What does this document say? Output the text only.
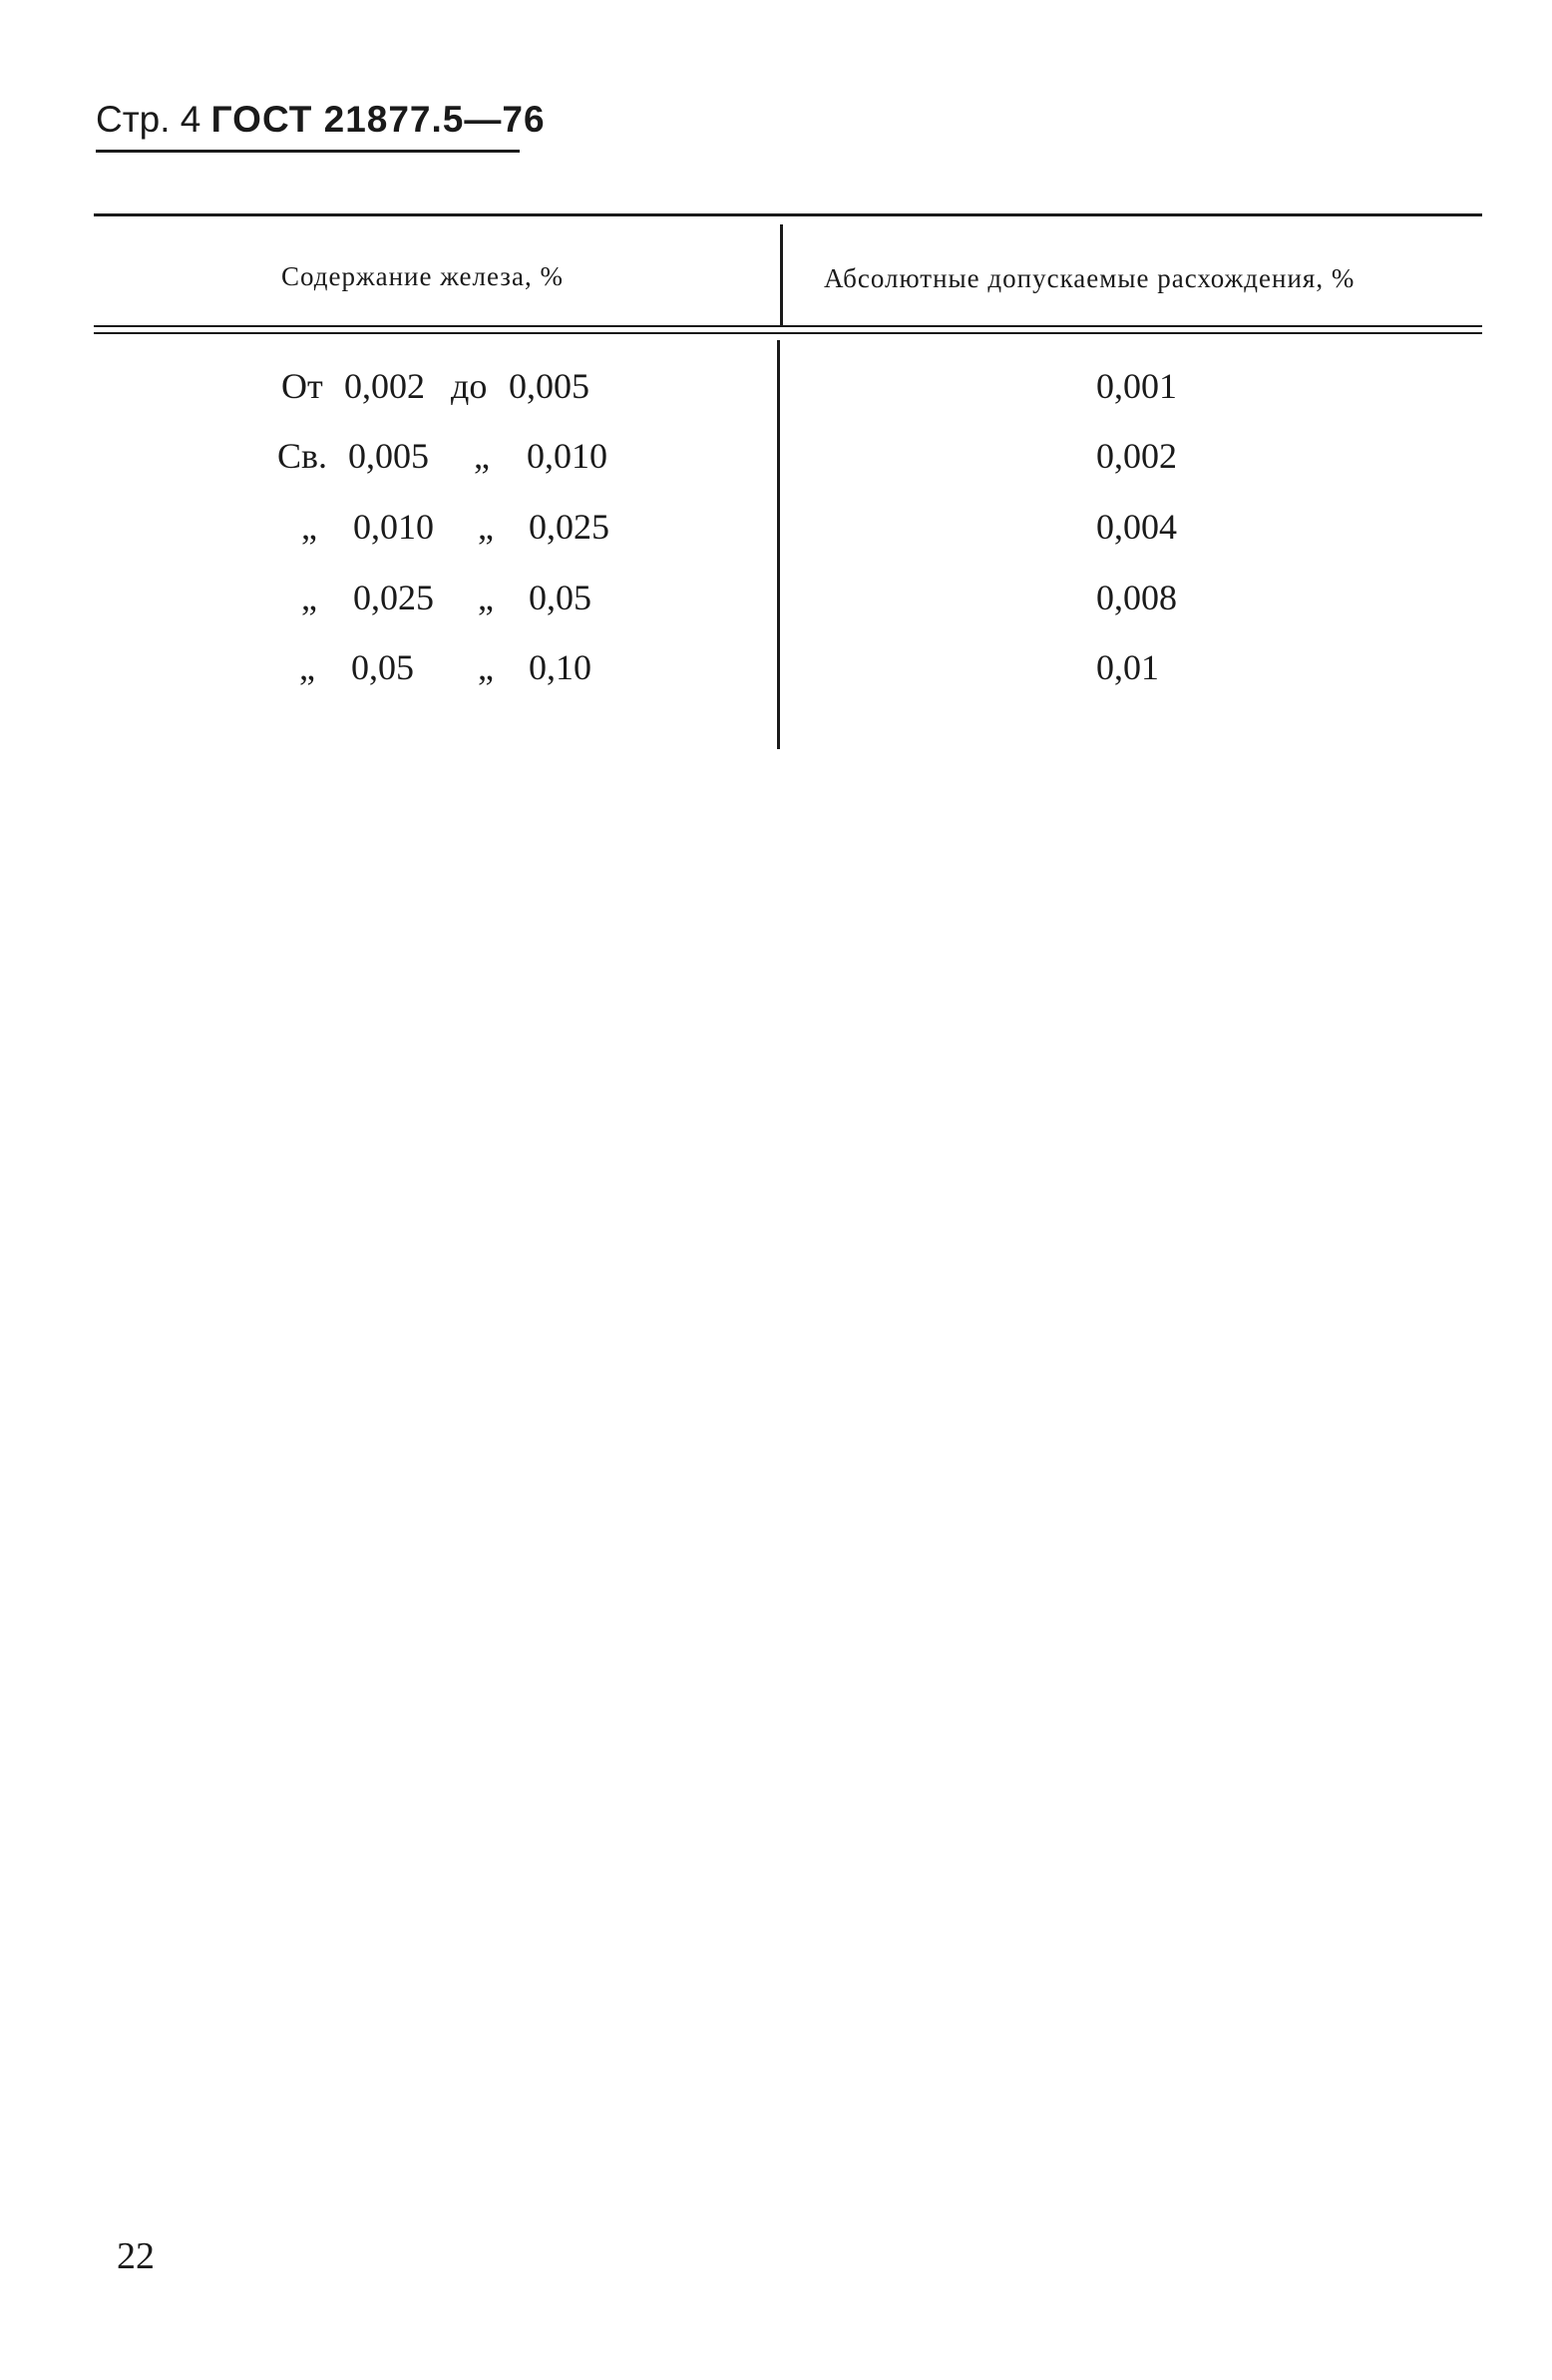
Стр. 4 ГОСТ 21877.5—76
Содержание железа, %	Абсолютные допускаемые расхождения, %
От 0,002 до 0,005	0,001
Св. 0,005 „ 0,010	0,002
„ 0,010 „ 0,025	0,004
„ 0,025 „ 0,05	0,008
„ 0,05 „ 0,10	0,01
22
